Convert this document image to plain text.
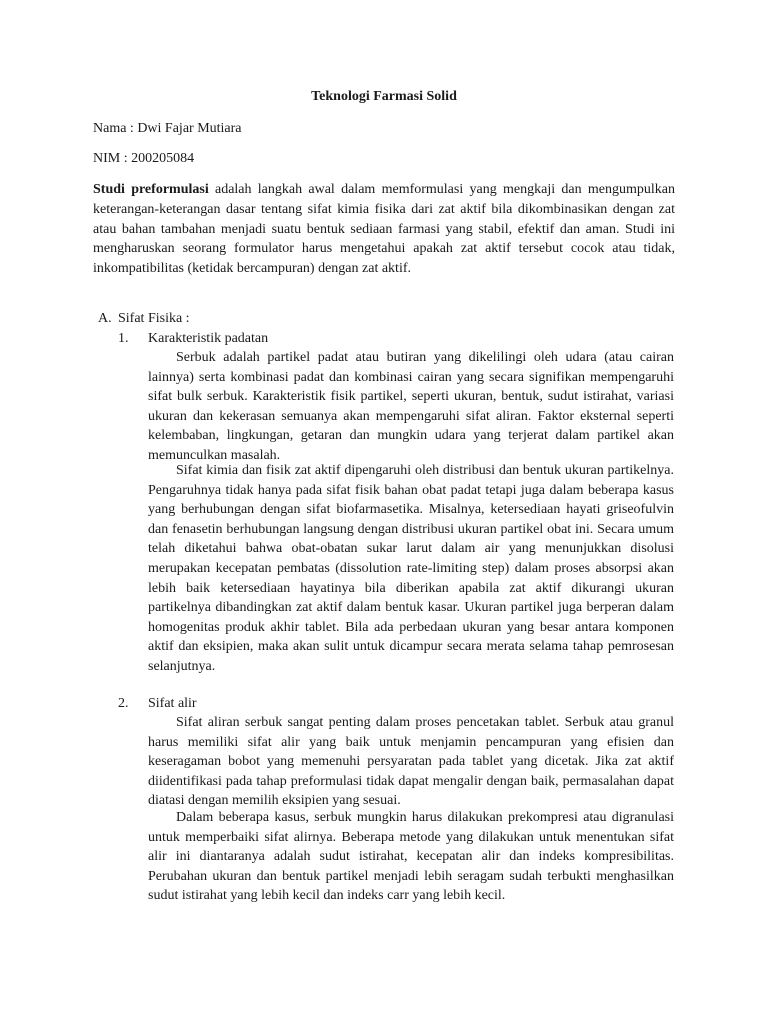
Teknologi Farmasi Solid
Nama : Dwi Fajar Mutiara
NIM : 200205084

Studi preformulasi adalah langkah awal dalam memformulasi yang mengkaji dan mengumpulkan keterangan-keterangan dasar tentang sifat kimia fisika dari zat aktif bila dikombinasikan dengan zat atau bahan tambahan menjadi suatu bentuk sediaan farmasi yang stabil, efektif dan aman. Studi ini mengharuskan seorang formulator harus mengetahui apakah zat aktif tersebut cocok atau tidak, inkompatibilitas (ketidak bercampuran) dengan zat aktif.

A. Sifat Fisika :
1. Karakteristik padatan

Serbuk adalah partikel padat atau butiran yang dikelilingi oleh udara (atau cairan lainnya) serta kombinasi padat dan kombinasi cairan yang secara signifikan mempengaruhi sifat bulk serbuk. Karakteristik fisik partikel, seperti ukuran, bentuk, sudut istirahat, variasi ukuran dan kekerasan semuanya akan mempengaruhi sifat aliran. Faktor eksternal seperti kelembaban, lingkungan, getaran dan mungkin udara yang terjerat dalam partikel akan memunculkan masalah.

Sifat kimia dan fisik zat aktif dipengaruhi oleh distribusi dan bentuk ukuran partikelnya. Pengaruhnya tidak hanya pada sifat fisik bahan obat padat tetapi juga dalam beberapa kasus yang berhubungan dengan sifat biofarmasetika. Misalnya, ketersediaan hayati griseofulvin dan fenasetin berhubungan langsung dengan distribusi ukuran partikel obat ini. Secara umum telah diketahui bahwa obat-obatan sukar larut dalam air yang menunjukkan disolusi merupakan kecepatan pembatas (dissolution rate-limiting step) dalam proses absorpsi akan lebih baik ketersediaan hayatinya bila diberikan apabila zat aktif dikurangi ukuran partikelnya dibandingkan zat aktif dalam bentuk kasar. Ukuran partikel juga berperan dalam homogenitas produk akhir tablet. Bila ada perbedaan ukuran yang besar antara komponen aktif dan eksipien, maka akan sulit untuk dicampur secara merata selama tahap pemrosesan selanjutnya.

2. Sifat alir

Sifat aliran serbuk sangat penting dalam proses pencetakan tablet. Serbuk atau granul harus memiliki sifat alir yang baik untuk menjamin pencampuran yang efisien dan keseragaman bobot yang memenuhi persyaratan pada tablet yang dicetak. Jika zat aktif diidentifikasi pada tahap preformulasi tidak dapat mengalir dengan baik, permasalahan dapat diatasi dengan memilih eksipien yang sesuai.

Dalam beberapa kasus, serbuk mungkin harus dilakukan prekompresi atau digranulasi untuk memperbaiki sifat alirnya. Beberapa metode yang dilakukan untuk menentukan sifat alir ini diantaranya adalah sudut istirahat, kecepatan alir dan indeks kompresibilitas. Perubahan ukuran dan bentuk partikel menjadi lebih seragam sudah terbukti menghasilkan sudut istirahat yang lebih kecil dan indeks carr yang lebih kecil.
